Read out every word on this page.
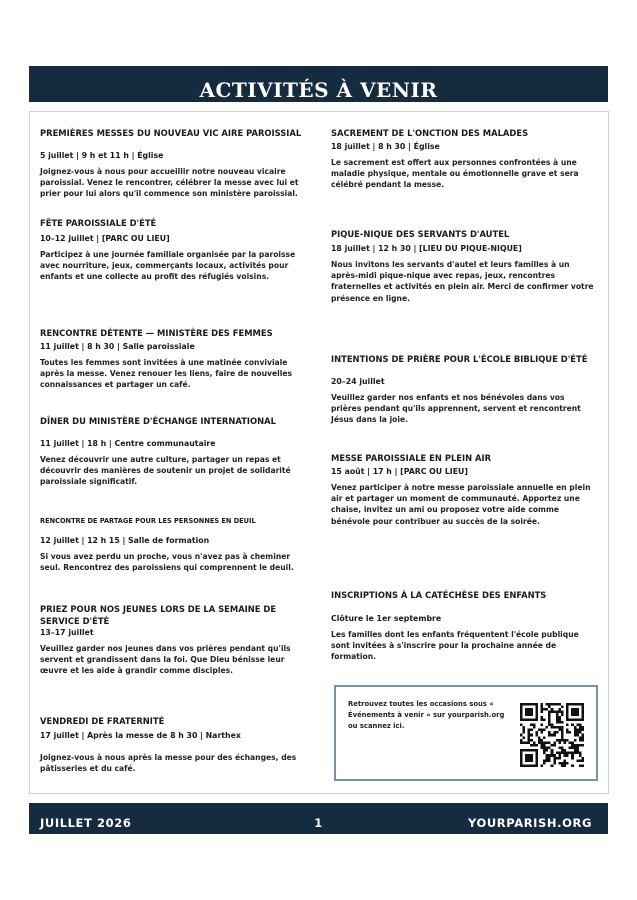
ACTIVITÉS À VENIR
PREMIÈRES MESSES DU NOUVEAU VIC AIRE PAROISSIAL
5 juillet | 9 h et 11 h | Église
Joignez-vous à nous pour accueillir notre nouveau vicaire paroissial. Venez le rencontrer, célébrer la messe avec lui et prier pour lui alors qu'il commence son ministère paroissial.
FÊTE PAROISSIALE D'ÉTÉ
10–12 juillet | [PARC OU LIEU]
Participez à une journée familiale organisée par la paroisse avec nourriture, jeux, commerçants locaux, activités pour enfants et une collecte au profit des réfugiés voisins.
RENCONTRE DÉTENTE — MINISTÈRE DES FEMMES
11 juillet | 8 h 30 | Salle paroissiale
Toutes les femmes sont invitées à une matinée conviviale après la messe. Venez renouer les liens, faire de nouvelles connaissances et partager un café.
DÎNER DU MINISTÈRE D'ÉCHANGE INTERNATIONAL
11 juillet | 18 h | Centre communautaire
Venez découvrir une autre culture, partager un repas et découvrir des manières de soutenir un projet de solidarité paroissiale significatif.
RENCONTRE DE PARTAGE POUR LES PERSONNES EN DEUIL
12 juillet | 12 h 15 | Salle de formation
Si vous avez perdu un proche, vous n'avez pas à cheminer seul. Rencontrez des paroissiens qui comprennent le deuil.
PRIEZ POUR NOS JEUNES LORS DE LA SEMAINE DE SERVICE D'ÉTÉ
13–17 juillet
Veuillez garder nos jeunes dans vos prières pendant qu'ils servent et grandissent dans la foi. Que Dieu bénisse leur œuvre et les aide à grandir comme disciples.
VENDREDI DE FRATERNITÉ
17 juillet | Après la messe de 8 h 30 | Narthex
Joignez-vous à nous après la messe pour des échanges, des pâtisseries et du café.
SACREMENT DE L'ONCTION DES MALADES
18 juillet | 8 h 30 | Église
Le sacrement est offert aux personnes confrontées à une maladie physique, mentale ou émotionnelle grave et sera célébré pendant la messe.
PIQUE-NIQUE DES SERVANTS D'AUTEL
18 juillet | 12 h 30 | [LIEU DU PIQUE-NIQUE]
Nous invitons les servants d'autel et leurs familles à un après-midi pique-nique avec repas, jeux, rencontres fraternelles et activités en plein air. Merci de confirmer votre présence en ligne.
INTENTIONS DE PRIÈRE POUR L'ÉCOLE BIBLIQUE D'ÉTÉ
20–24 juillet
Veuillez garder nos enfants et nos bénévoles dans vos prières pendant qu'ils apprennent, servent et rencontrent Jésus dans la joie.
MESSE PAROISSIALE EN PLEIN AIR
15 août | 17 h | [PARC OU LIEU]
Venez participer à notre messe paroissiale annuelle en plein air et partager un moment de communauté. Apportez une chaise, invitez un ami ou proposez votre aide comme bénévole pour contribuer au succès de la soirée.
INSCRIPTIONS À LA CATÉCHÈSE DES ENFANTS
Clôture le 1er septembre
Les familles dont les enfants fréquentent l'école publique sont invitées à s'inscrire pour la prochaine année de formation.
Retrouvez toutes les occasions sous « Événements à venir » sur yourparish.org ou scannez ici.
JUILLET 2026	1	YOURPARISH.ORG
